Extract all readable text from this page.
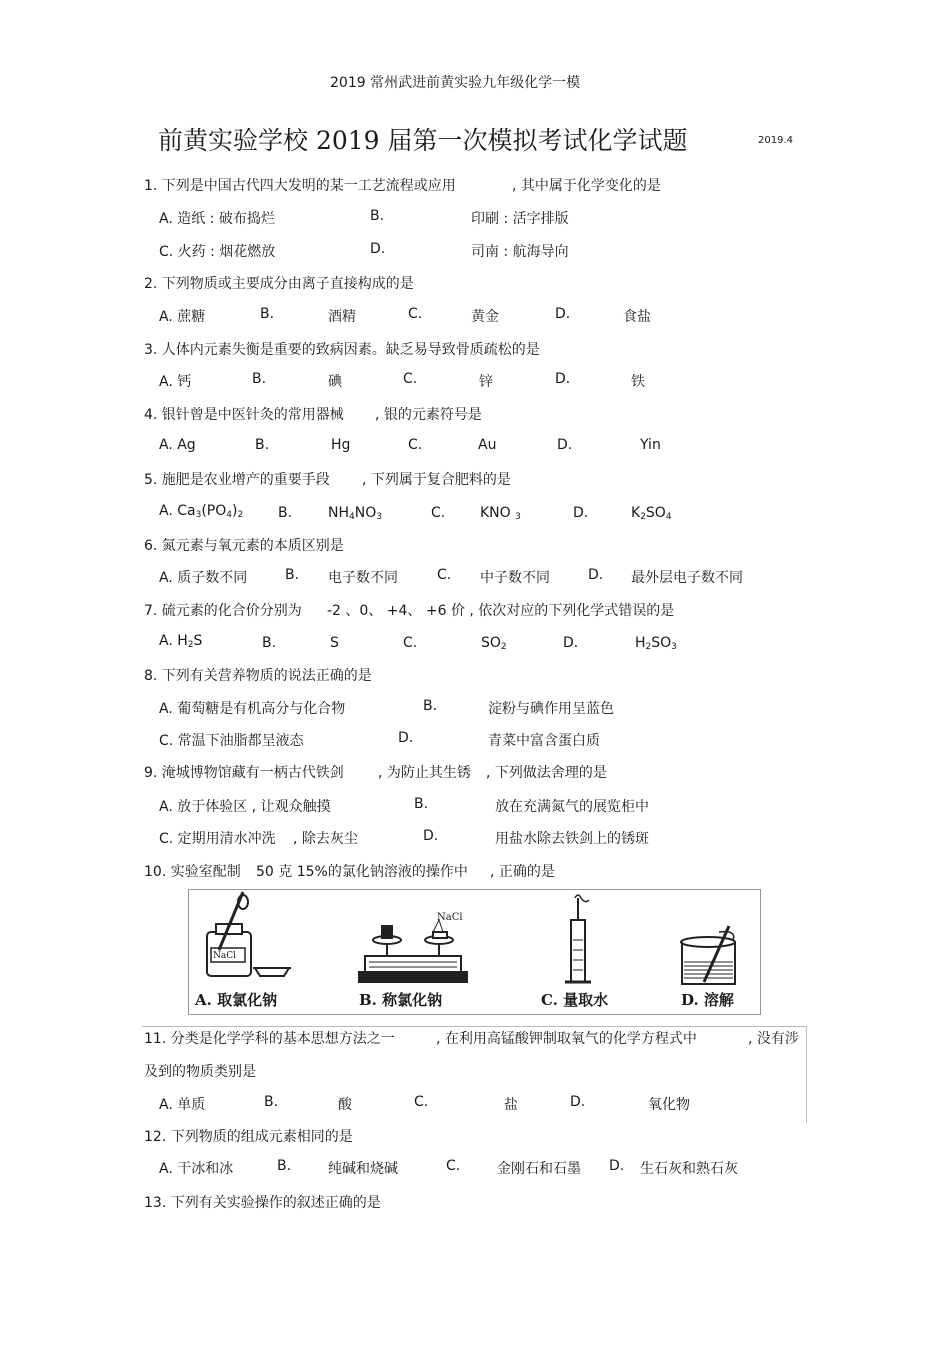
2019 常州武进前黄实验九年级化学一模
前黄实验学校 2019 届第一次模拟考试化学试题	2019.4
1. 下列是中国古代四大发明的某一工艺流程或应用	, 其中属于化学变化的是
A. 造纸 : 破布捣烂	B.	印刷 : 活字排版
C. 火药 : 烟花燃放	D.	司南 : 航海导向
2. 下列物质或主要成分由离子直接构成的是
A. 蔗糖	B.	酒精	C.	黄金	D.	食盐
3. 人体内元素失衡是重要的致病因素。缺乏易导致骨质疏松的是
A. 钙	B.	碘	C.	锌	D.	铁
4. 银针曾是中医针灸的常用器械 , 银的元素符号是
A. Ag	B.	Hg	C.	Au	D.	Yin
5. 施肥是农业增产的重要手段 , 下列属于复合肥料的是
A. $Ca_3(PO_4)_2$ B.	$NH_4NO_3$	C. KNO $_3$	D.	$K_2SO_4$
6. 氮元素与氧元素的本质区别是
A. 质子数不同	B. 电子数不同	C. 中子数不同	D. 最外层电子数不同
7. 硫元素的化合价分别为 -2 、0、 +4、 +6 价 , 依次对应的下列化学式错误的是
A. $H_2S$	B.	S	C.	$SO_2$	D.	$H_2SO_3$
8. 下列有关营养物质的说法正确的是
A. 葡萄糖是有机高分与化合物	B.	淀粉与碘作用呈蓝色
C. 常温下油脂都呈液态	D.	青菜中富含蛋白质
9. 淹城博物馆藏有一柄古代铁剑 , 为防止其生锈 , 下列做法舍理的是
A. 放于体验区 , 让观众触摸	B.	放在充满氮气的展览柜中
C. 定期用清水冲洗 , 除去灰尘	D.	用盐水除去铁剑上的锈斑
10. 实验室配制 50 克 15%的氯化钠溶液的操作中 , 正确的是
NaCl
NaCl
A. 取氯化钠	B. 称氯化钠	C. 量取水	D. 溶解
11. 分类是化学学科的基本思想方法之一	, 在利用高锰酸钾制取氧气的化学方程式中	, 没有涉
及到的物质类别是
A. 单质	B.	酸	C.	盐	D.	氧化物
12. 下列物质的组成元素相同的是
A. 干冰和冰	B.	纯碱和烧碱	C.	金刚石和石墨 D. 生石灰和熟石灰
13. 下列有关实验操作的叙述正确的是
